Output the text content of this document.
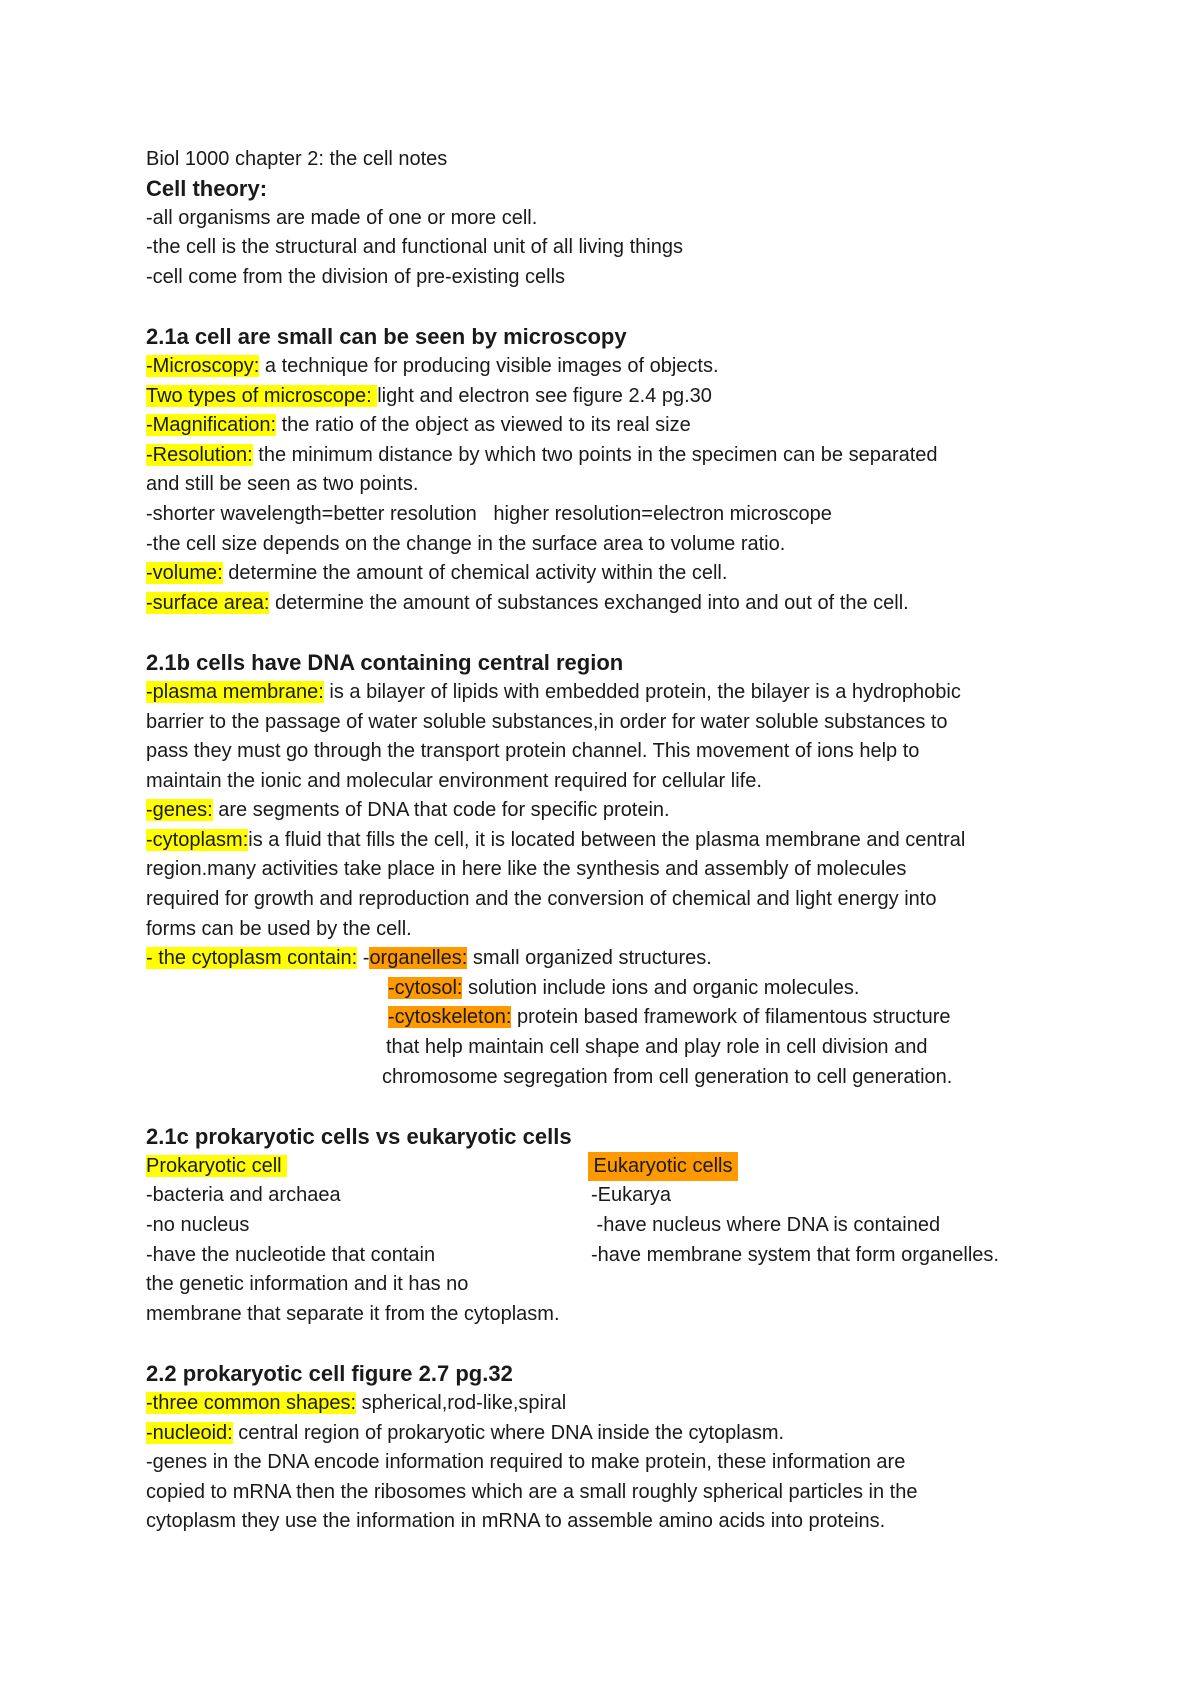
Biol 1000 chapter 2: the cell notes
Cell theory:
-all organisms are made of one or more cell.
-the cell is the structural and functional unit of all living things
-cell come from the division of pre-existing cells
2.1a cell are small can be seen by microscopy
-Microscopy: a technique for producing visible images of objects.
Two types of microscope: light and electron see figure 2.4 pg.30
-Magnification: the ratio of the object as viewed to its real size
-Resolution: the minimum distance by which two points in the specimen can be separated
and still be seen as two points.
-shorter wavelength=better resolution   higher resolution=electron microscope
-the cell size depends on the change in the surface area to volume ratio.
-volume: determine the amount of chemical activity within the cell.
-surface area: determine the amount of substances exchanged into and out of the cell.
2.1b cells have DNA containing central region
-plasma membrane: is a bilayer of lipids with embedded protein, the bilayer is a hydrophobic
barrier to the passage of water soluble substances,in order for water soluble substances to
pass they must go through the transport protein channel. This movement of ions help to
maintain the ionic and molecular environment required for cellular life.
-genes: are segments of DNA that code for specific protein.
-cytoplasm:is a fluid that fills the cell, it is located between the plasma membrane and central
region.many activities take place in here like the synthesis and assembly of molecules
required for growth and reproduction and the conversion of chemical and light energy into
forms can be used by the cell.
- the cytoplasm contain: -organelles: small organized structures.
-cytosol: solution include ions and organic molecules.
-cytoskeleton: protein based framework of filamentous structure
that help maintain cell shape and play role in cell division and
chromosome segregation from cell generation to cell generation.
2.1c prokaryotic cells vs eukaryotic cells
Prokaryotic cell	Eukaryotic cells
-bacteria and archaea	-Eukarya
-no nucleus	-have nucleus where DNA is contained
-have the nucleotide that contain	-have membrane system that form organelles.
the genetic information and it has no
membrane that separate it from the cytoplasm.
2.2 prokaryotic cell figure 2.7 pg.32
-three common shapes: spherical,rod-like,spiral
-nucleoid: central region of prokaryotic where DNA inside the cytoplasm.
-genes in the DNA encode information required to make protein, these information are
copied to mRNA then the ribosomes which are a small roughly spherical particles in the
cytoplasm they use the information in mRNA to assemble amino acids into proteins.
